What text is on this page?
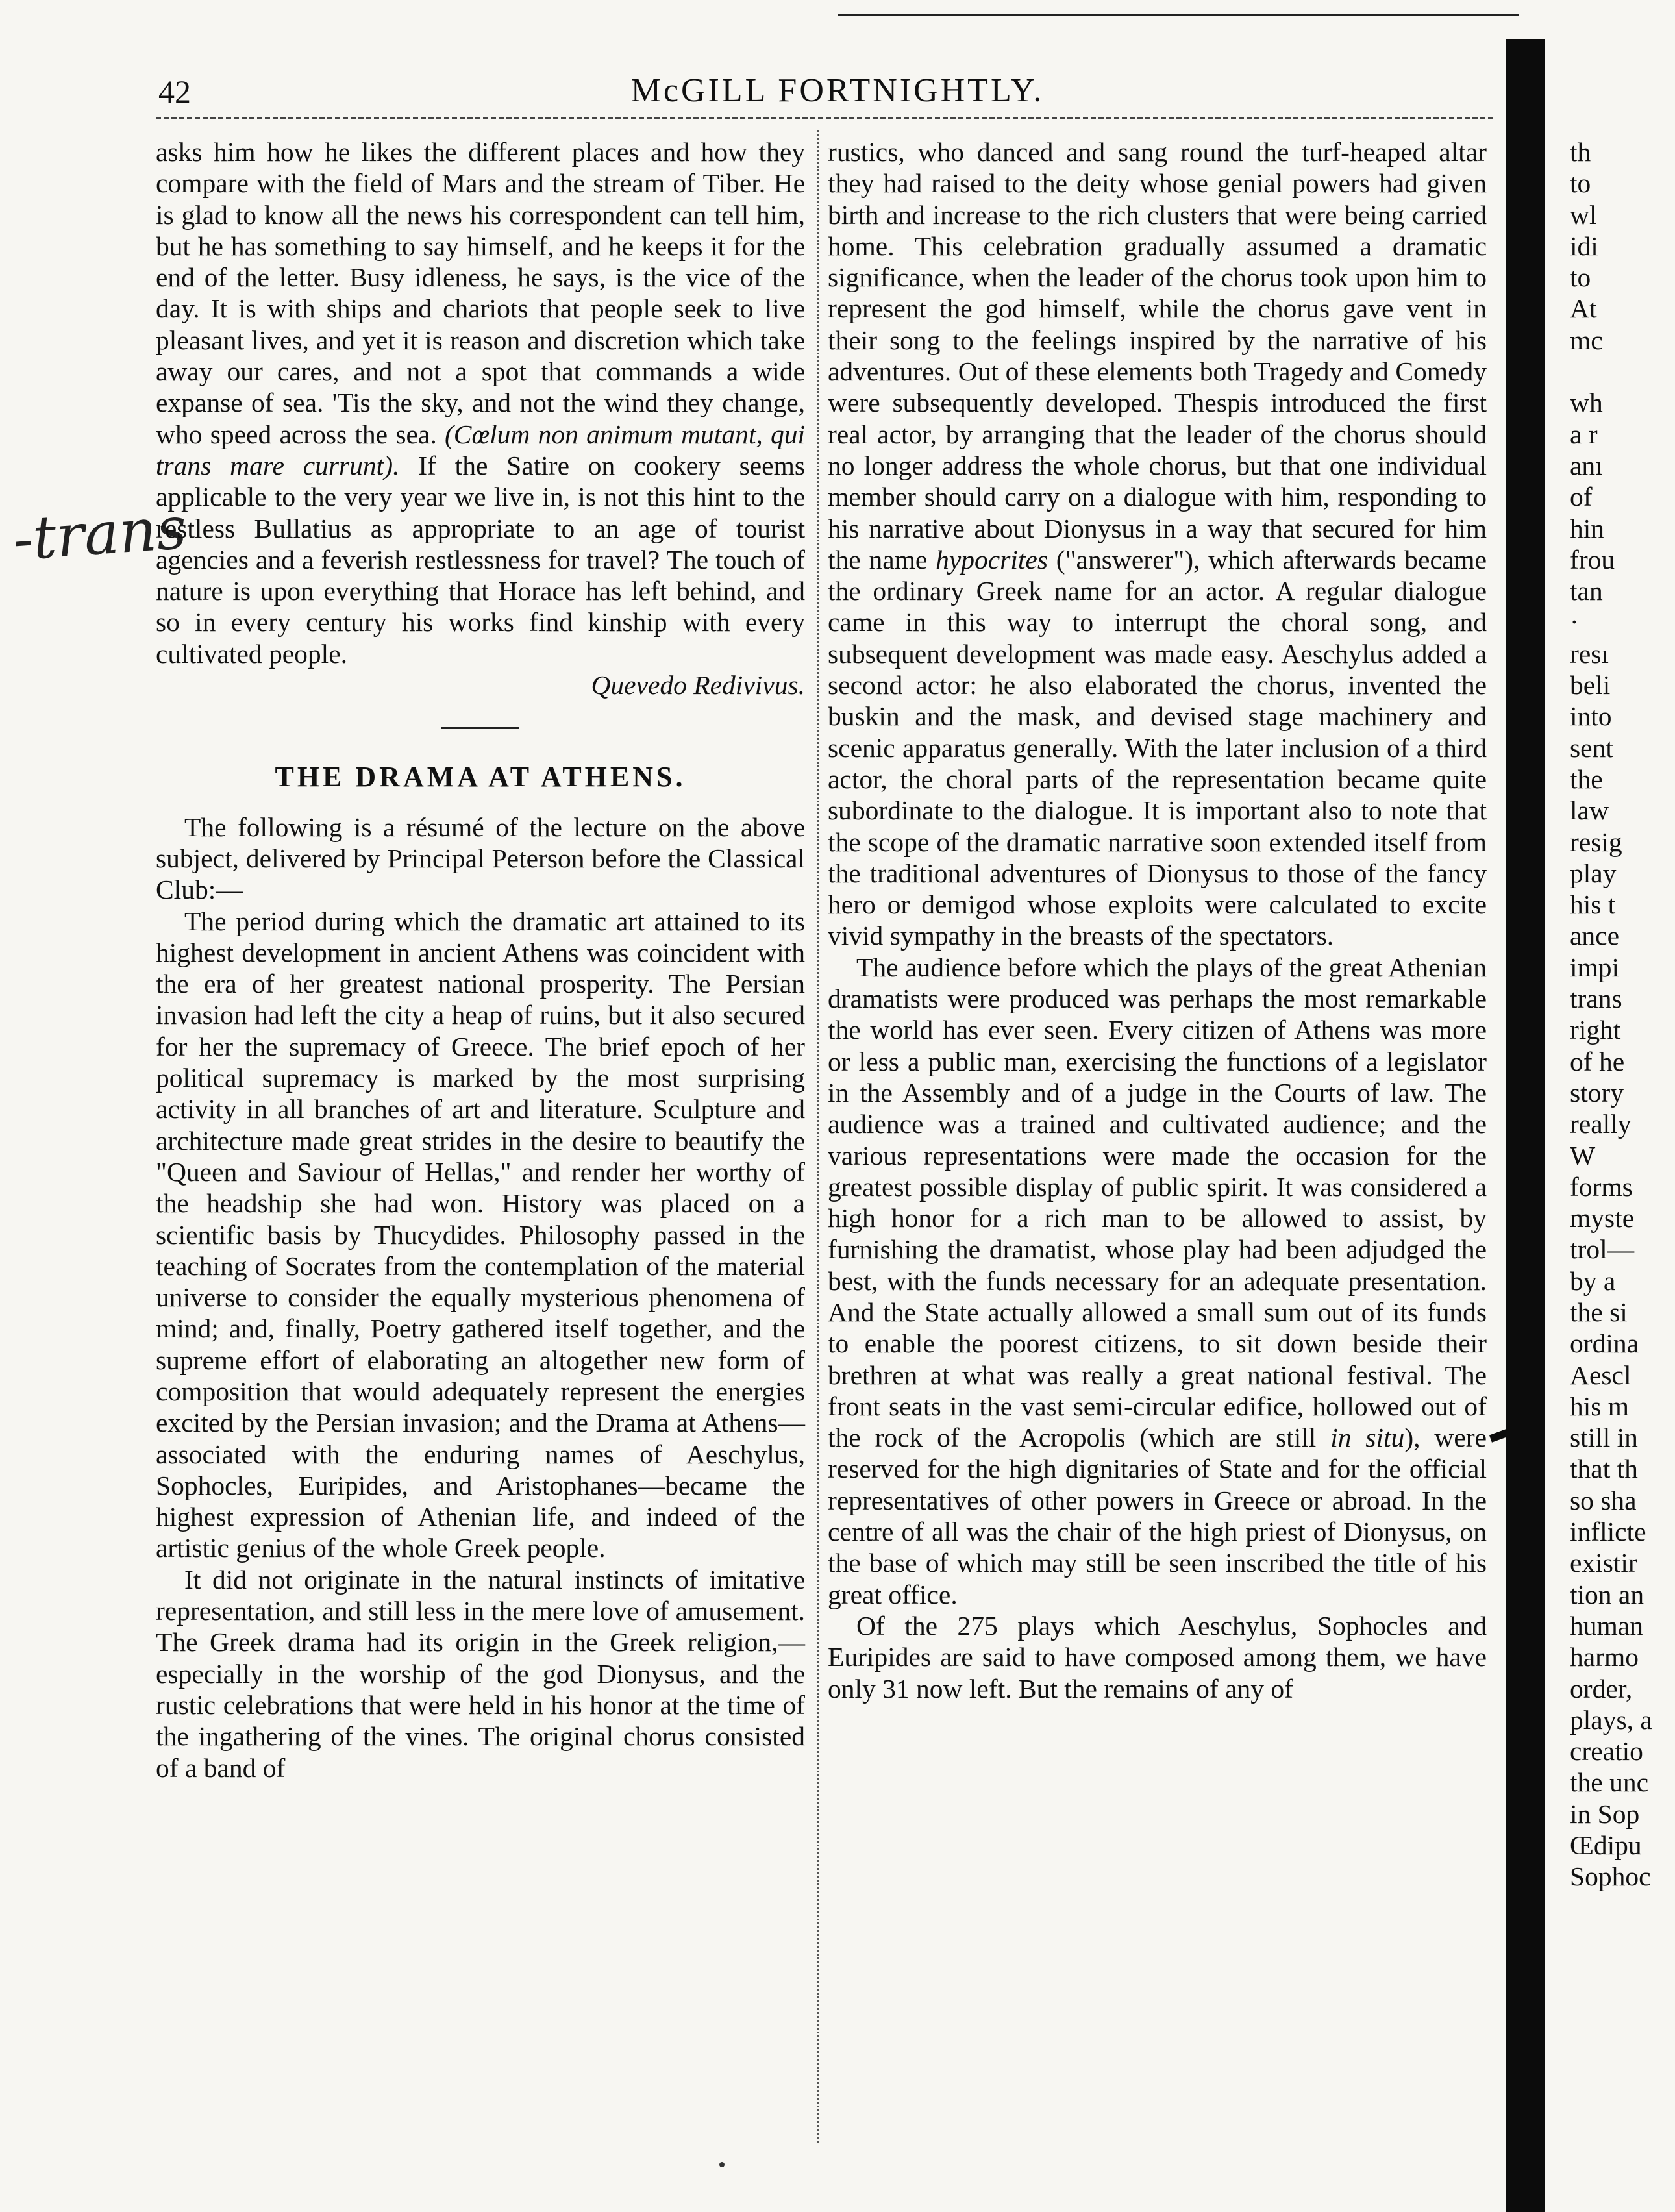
42	McGILL FORTNIGHTLY.
-trans

asks him how he likes the different places and how they compare with the field of Mars and the stream of Tiber. He is glad to know all the news his correspondent can tell him, but he has something to say himself, and he keeps it for the end of the letter. Busy idleness, he says, is the vice of the day. It is with ships and chariots that people seek to live pleasant lives, and yet it is reason and discretion which take away our cares, and not a spot that commands a wide expanse of sea. 'Tis the sky, and not the wind they change, who speed across the sea. (Cœlum non animum mutant, qui trans mare currunt). If the Satire on cookery seems applicable to the very year we live in, is not this hint to the restless Bullatius as appropriate to an age of tourist agencies and a feverish restlessness for travel? The touch of nature is upon everything that Horace has left behind, and so in every century his works find kinship with every cultivated people.

Quevedo Redivivus.

THE DRAMA AT ATHENS.

The following is a résumé of the lecture on the above subject, delivered by Principal Peterson before the Classical Club:—

The period during which the dramatic art attained to its highest development in ancient Athens was coincident with the era of her greatest national prosperity. The Persian invasion had left the city a heap of ruins, but it also secured for her the supremacy of Greece. The brief epoch of her political supremacy is marked by the most surprising activity in all branches of art and literature. Sculpture and architecture made great strides in the desire to beautify the "Queen and Saviour of Hellas," and render her worthy of the headship she had won. History was placed on a scientific basis by Thucydides. Philosophy passed in the teaching of Socrates from the contemplation of the material universe to consider the equally mysterious phenomena of mind; and, finally, Poetry gathered itself together, and the supreme effort of elaborating an altogether new form of composition that would adequately represent the energies excited by the Persian invasion; and the Drama at Athens—associated with the enduring names of Aeschylus, Sophocles, Euripides, and Aristophanes—became the highest expression of Athenian life, and indeed of the artistic genius of the whole Greek people.

It did not originate in the natural instincts of imitative representation, and still less in the mere love of amusement. The Greek drama had its origin in the Greek religion,—especially in the worship of the god Dionysus, and the rustic celebrations that were held in his honor at the time of the ingathering of the vines. The original chorus consisted of a band of

rustics, who danced and sang round the turf-heaped altar they had raised to the deity whose genial powers had given birth and increase to the rich clusters that were being carried home. This celebration gradually assumed a dramatic significance, when the leader of the chorus took upon him to represent the god himself, while the chorus gave vent in their song to the feelings inspired by the narrative of his adventures. Out of these elements both Tragedy and Comedy were subsequently developed. Thespis introduced the first real actor, by arranging that the leader of the chorus should no longer address the whole chorus, but that one individual member should carry on a dialogue with him, responding to his narrative about Dionysus in a way that secured for him the name hypocrites ("answerer"), which afterwards became the ordinary Greek name for an actor. A regular dialogue came in this way to interrupt the choral song, and subsequent development was made easy. Aeschylus added a second actor: he also elaborated the chorus, invented the buskin and the mask, and devised stage machinery and scenic apparatus generally. With the later inclusion of a third actor, the choral parts of the representation became quite subordinate to the dialogue. It is important also to note that the scope of the dramatic narrative soon extended itself from the traditional adventures of Dionysus to those of the fancy hero or demigod whose exploits were calculated to excite vivid sympathy in the breasts of the spectators.

The audience before which the plays of the great Athenian dramatists were produced was perhaps the most remarkable the world has ever seen. Every citizen of Athens was more or less a public man, exercising the functions of a legislator in the Assembly and of a judge in the Courts of law. The audience was a trained and cultivated audience; and the various representations were made the occasion for the greatest possible display of public spirit. It was considered a high honor for a rich man to be allowed to assist, by furnishing the dramatist, whose play had been adjudged the best, with the funds necessary for an adequate presentation. And the State actually allowed a small sum out of its funds to enable the poorest citizens, to sit down beside their brethren at what was really a great national festival. The front seats in the vast semi-circular edifice, hollowed out of the rock of the Acropolis (which are still in situ), were reserved for the high dignitaries of State and for the official representatives of other powers in Greece or abroad. In the centre of all was the chair of the high priest of Dionysus, on the base of which may still be seen inscribed the title of his great office.

Of the 275 plays which Aeschylus, Sophocles and Euripides are said to have composed among them, we have only 31 now left. But the remains of any of

th
to
wl
idi
to
At
mc
wh
a r
anı
of
hin
frou
tan
·
resı
beli
into
sent
the
law
resig
play
his t
ance
impi
trans
right
of he
story
really
W
forms
myste
trol—
by a
the si
ordina
Aescl
his m
still in
that th
so sha
inflicte
existir
tion an
human
harmo
order,
plays, a
creatio
the unc
in Sop
Œdipu
Sophoc
